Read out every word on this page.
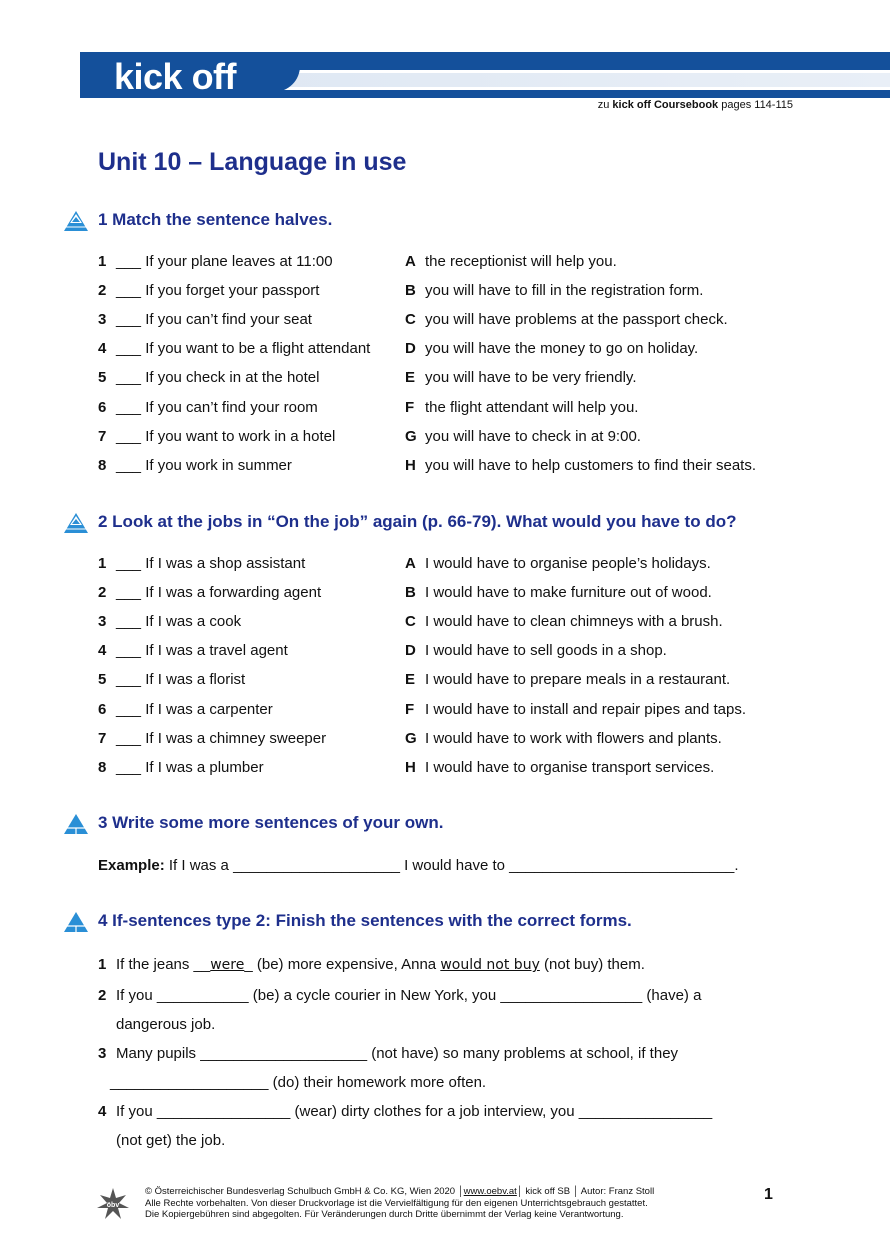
kick off
zu kick off Coursebook pages 114-115
Unit 10 – Language in use
1 Match the sentence halves.
1 ___ If your plane leaves at 11:00	A the receptionist will help you.
2 ___ If you forget your passport	B you will have to fill in the registration form.
3 ___ If you can’t find your seat	C you will have problems at the passport check.
4 ___ If you want to be a flight attendant D you will have the money to go on holiday.
5 ___ If you check in at the hotel	E you will have to be very friendly.
6 ___ If you can’t find your room	F the flight attendant will help you.
7 ___ If you want to work in a hotel	G you will have to check in at 9:00.
8 ___ If you work in summer	H you will have to help customers to find their seats.
2 Look at the jobs in “On the job” again (p. 66-79). What would you have to do?
1 ___ If I was a shop assistant	A I would have to organise people’s holidays.
2 ___ If I was a forwarding agent	B I would have to make furniture out of wood.
3 ___ If I was a cook	C I would have to clean chimneys with a brush.
4 ___ If I was a travel agent	D I would have to sell goods in a shop.
5 ___ If I was a florist	E I would have to prepare meals in a restaurant.
6 ___ If I was a carpenter	F I would have to install and repair pipes and taps.
7 ___ If I was a chimney sweeper	G I would have to work with flowers and plants.
8 ___ If I was a plumber	H I would have to organise transport services.
3 Write some more sentences of your own.
Example: If I was a ____________________ I would have to ___________________________.
4 If-sentences type 2: Finish the sentences with the correct forms.
1 If the jeans __were_ (be) more expensive, Anna would not buy (not buy) them.
2 If you ___________ (be) a cycle courier in New York, you _________________ (have) a
dangerous job.
3 Many pupils ____________________ (not have) so many problems at school, if they
___________________ (do) their homework more often.
4 If you ________________ (wear) dirty clothes for a job interview, you ________________
(not get) the job.
öbv
© Österreichischer Bundesverlag Schulbuch GmbH & Co. KG, Wien 2020 │www.oebv.at│ kick off SB │ Autor: Franz Stoll
Alle Rechte vorbehalten. Von dieser Druckvorlage ist die Vervielfältigung für den eigenen Unterrichtsgebrauch gestattet.
Die Kopiergebühren sind abgegolten. Für Veränderungen durch Dritte übernimmt der Verlag keine Verantwortung.
1
